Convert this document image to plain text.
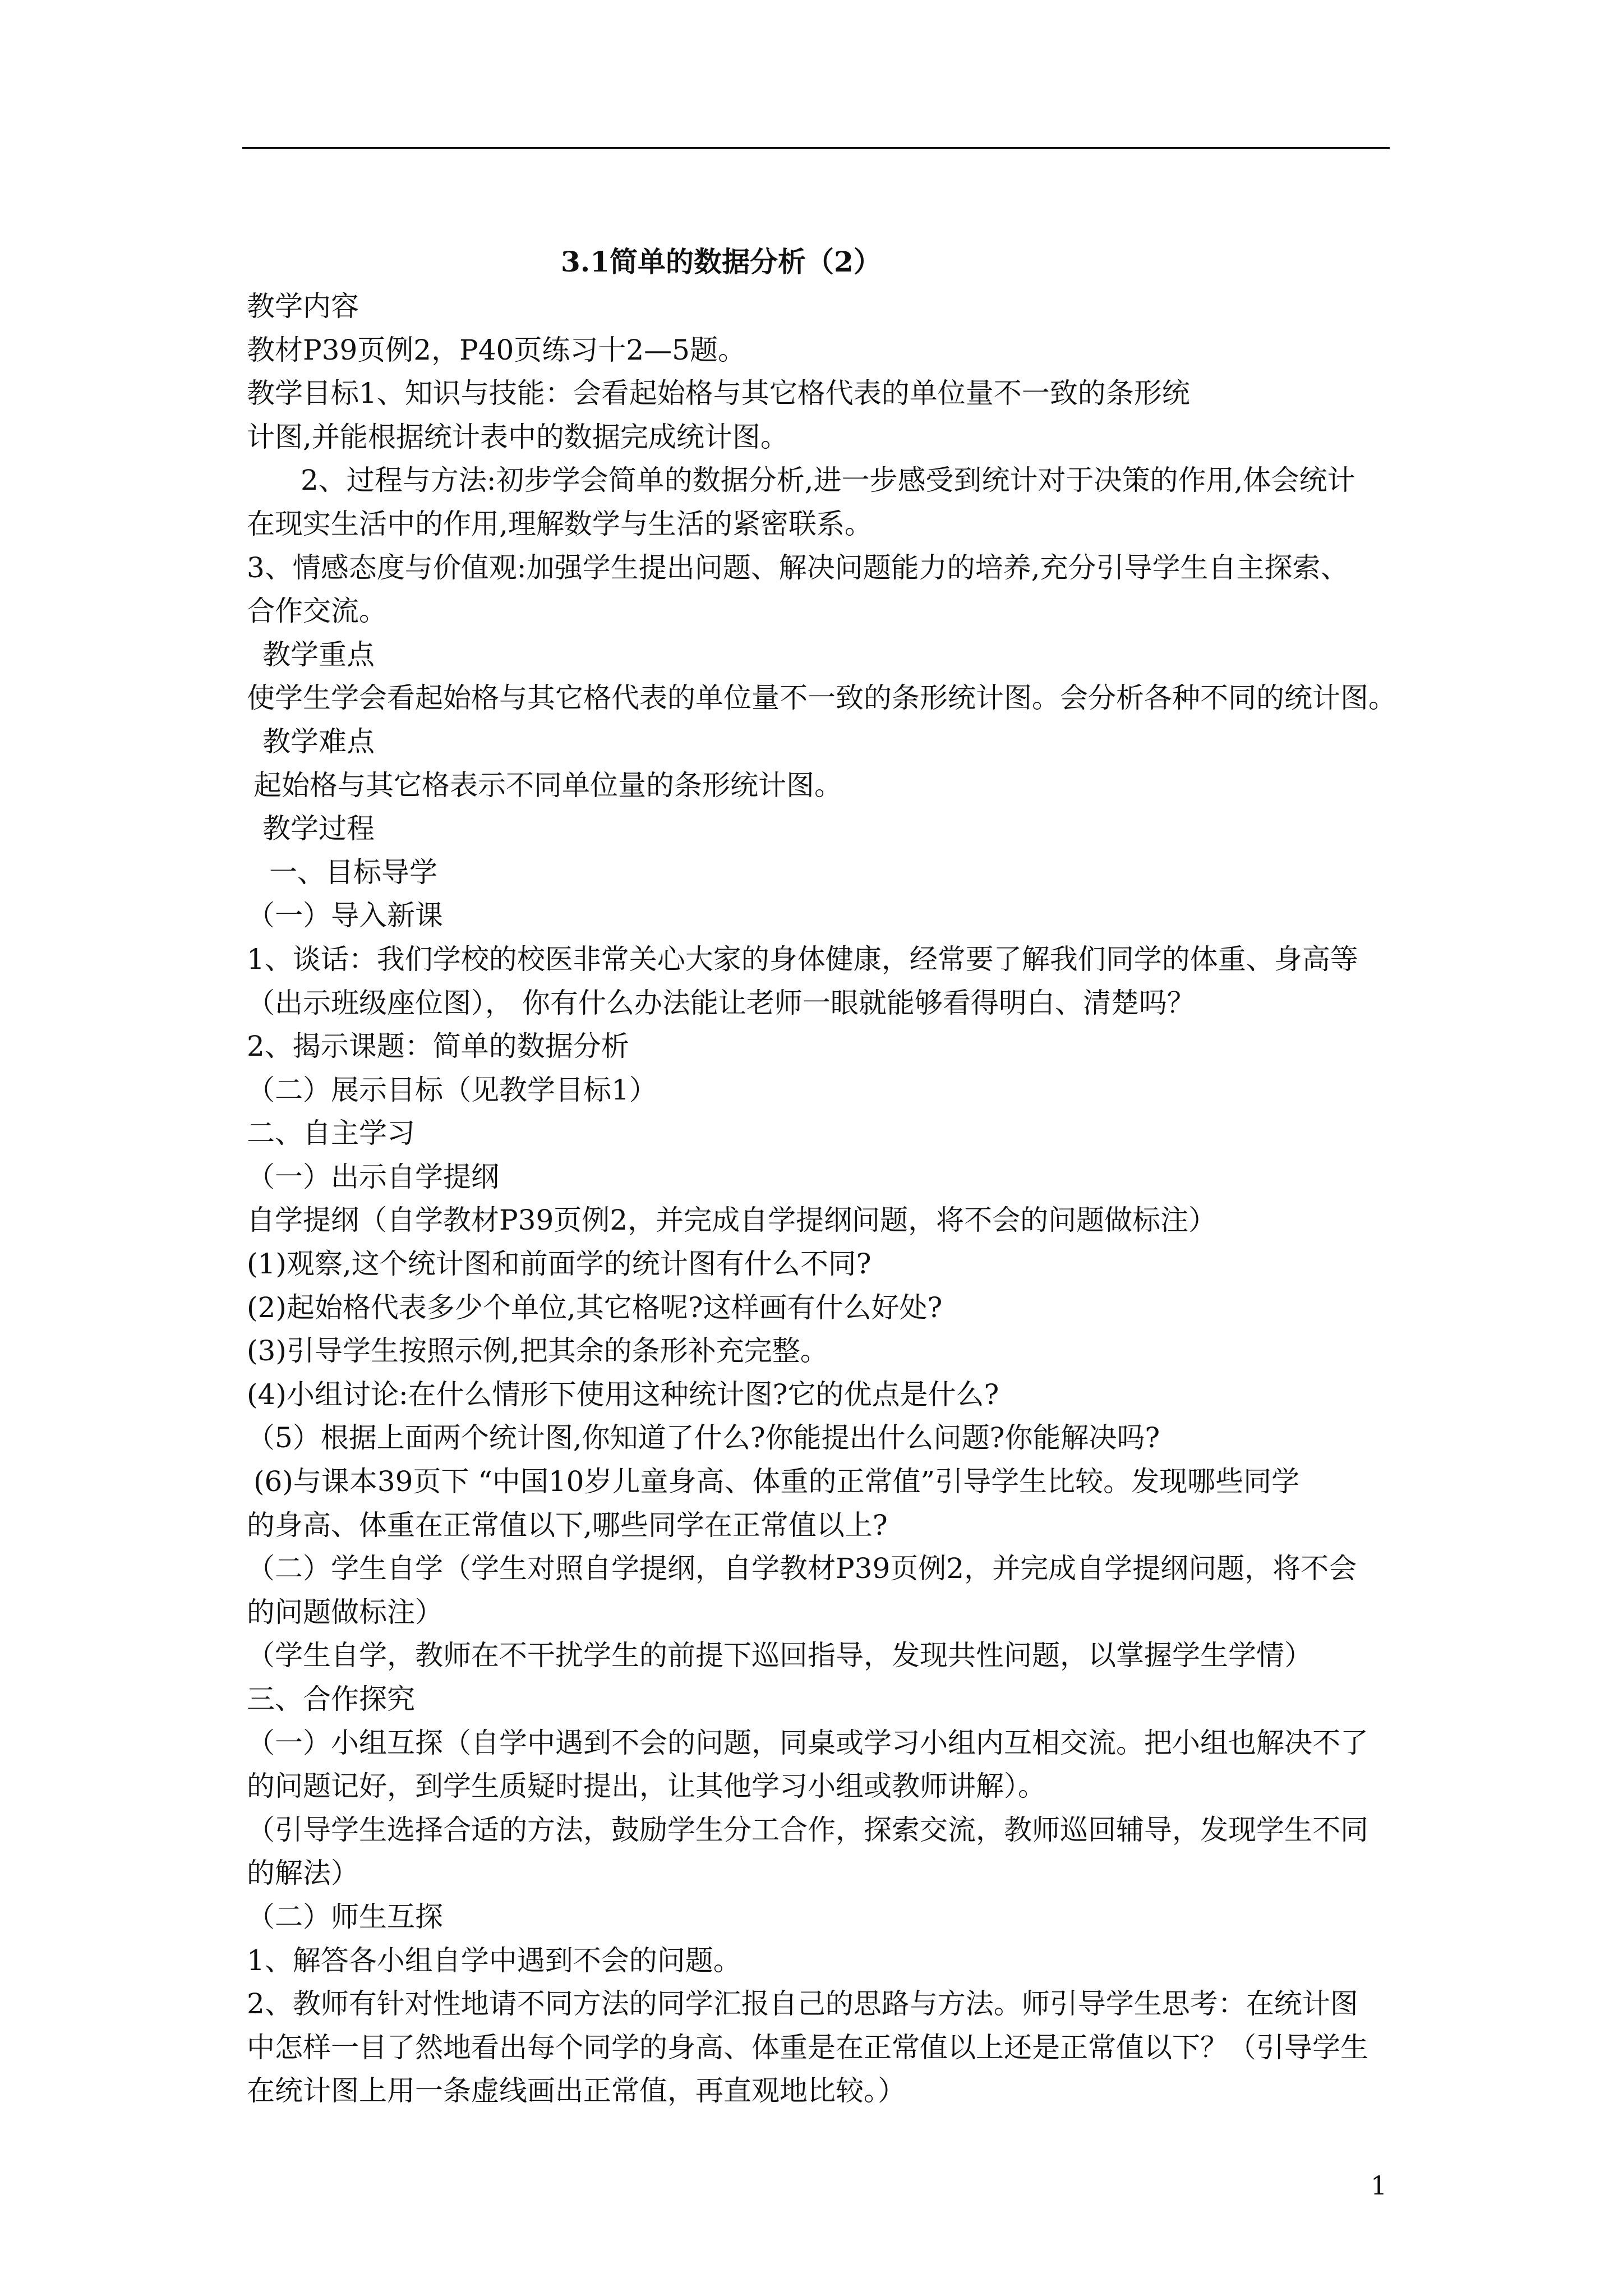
3.1简单的数据分析（2）
教学内容
教材P39页例2，P40页练习十2—5题。
教学目标1、知识与技能：会看起始格与其它格代表的单位量不一致的条形统
计图,并能根据统计表中的数据完成统计图。
2、过程与方法:初步学会简单的数据分析,进一步感受到统计对于决策的作用,体会统计
在现实生活中的作用,理解数学与生活的紧密联系。
3、情感态度与价值观:加强学生提出问题、解决问题能力的培养,充分引导学生自主探索、
合作交流。
教学重点
使学生学会看起始格与其它格代表的单位量不一致的条形统计图。会分析各种不同的统计图。
教学难点
起始格与其它格表示不同单位量的条形统计图。
教学过程
一、目标导学
（一）导入新课
1、谈话：我们学校的校医非常关心大家的身体健康，经常要了解我们同学的体重、身高等
（出示班级座位图）， 你有什么办法能让老师一眼就能够看得明白、清楚吗？
2、揭示课题：简单的数据分析
（二）展示目标（见教学目标1）
二、自主学习
（一）出示自学提纲
自学提纲（自学教材P39页例2，并完成自学提纲问题，将不会的问题做标注）
(1)观察,这个统计图和前面学的统计图有什么不同?
(2)起始格代表多少个单位,其它格呢?这样画有什么好处?
(3)引导学生按照示例,把其余的条形补充完整。
(4)小组讨论:在什么情形下使用这种统计图?它的优点是什么?
（5）根据上面两个统计图,你知道了什么?你能提出什么问题?你能解决吗?
(6)与课本39页下 “中国10岁儿童身高、体重的正常值”引导学生比较。发现哪些同学
的身高、体重在正常值以下,哪些同学在正常值以上?
（二）学生自学（学生对照自学提纲，自学教材P39页例2，并完成自学提纲问题，将不会
的问题做标注）
（学生自学，教师在不干扰学生的前提下巡回指导，发现共性问题，以掌握学生学情）
三、合作探究
（一）小组互探（自学中遇到不会的问题，同桌或学习小组内互相交流。把小组也解决不了
的问题记好，到学生质疑时提出，让其他学习小组或教师讲解）。
（引导学生选择合适的方法，鼓励学生分工合作，探索交流，教师巡回辅导，发现学生不同
的解法）
（二）师生互探
1、解答各小组自学中遇到不会的问题。
2、教师有针对性地请不同方法的同学汇报自己的思路与方法。师引导学生思考：在统计图
中怎样一目了然地看出每个同学的身高、体重是在正常值以上还是正常值以下？（引导学生
在统计图上用一条虚线画出正常值，再直观地比较。）
1
